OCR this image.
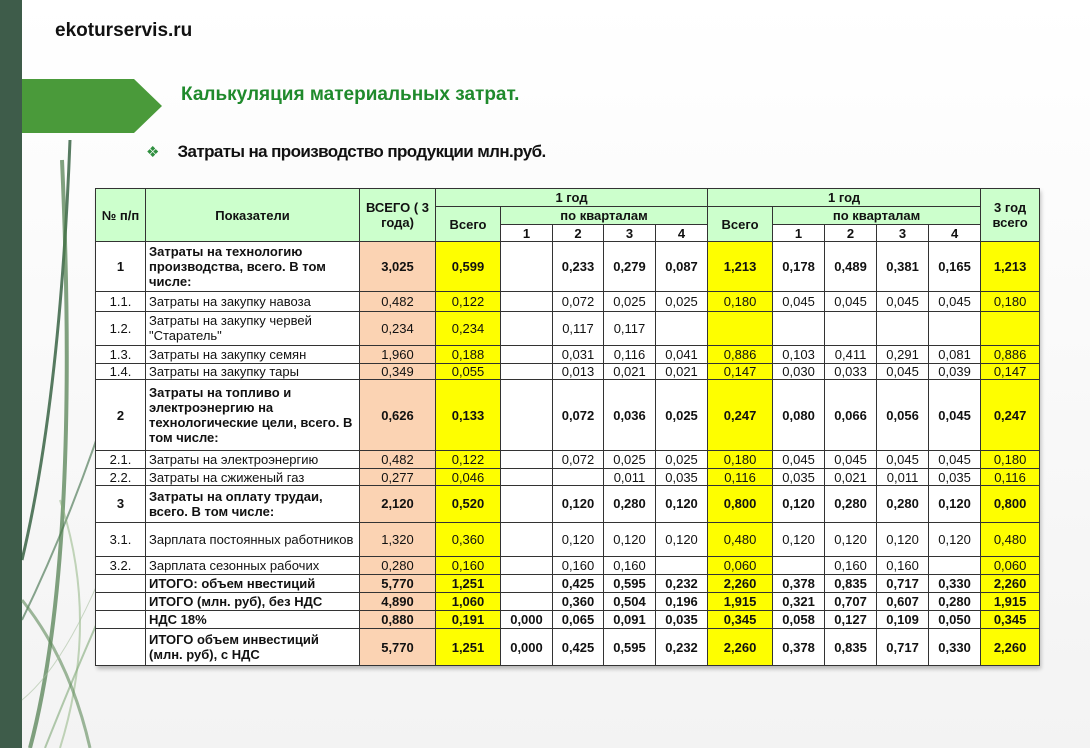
ekoturservis.ru
Калькуляция материальных затрат.
❖ Затраты на производство продукции млн.руб.
№ п/п	Показатели	ВСЕГО ( 3 года)	1 год					1 год					3 год всего
			Всего	по кварталам				Всего	по кварталам				
				1	2	3	4		1	2	3	4	
1	Затраты на технологию производства, всего. В том числе:	3,025	0,599		0,233	0,279	0,087	1,213	0,178	0,489	0,381	0,165	1,213
1.1.	Затраты на закупку навоза	0,482	0,122		0,072	0,025	0,025	0,180	0,045	0,045	0,045	0,045	0,180
1.2.	Затраты на закупку червей "Старатель"	0,234	0,234		0,117	0,117							
1.3.	Затраты на закупку семян	1,960	0,188		0,031	0,116	0,041	0,886	0,103	0,411	0,291	0,081	0,886
1.4.	Затраты на закупку тары	0,349	0,055		0,013	0,021	0,021	0,147	0,030	0,033	0,045	0,039	0,147
2	Затраты на топливо и электроэнергию на технологические цели, всего. В том числе:	0,626	0,133		0,072	0,036	0,025	0,247	0,080	0,066	0,056	0,045	0,247
2.1.	Затраты на электроэнергию	0,482	0,122		0,072	0,025	0,025	0,180	0,045	0,045	0,045	0,045	0,180
2.2.	Затраты на сжиженый газ	0,277	0,046			0,011	0,035	0,116	0,035	0,021	0,011	0,035	0,116
3	Затраты на оплату трудаи, всего. В том числе:	2,120	0,520		0,120	0,280	0,120	0,800	0,120	0,280	0,280	0,120	0,800
3.1.	Зарплата постоянных работников	1,320	0,360		0,120	0,120	0,120	0,480	0,120	0,120	0,120	0,120	0,480
3.2.	Зарплата сезонных рабочих	0,280	0,160		0,160	0,160		0,060		0,160	0,160		0,060
	ИТОГО: объем нвестиций	5,770	1,251		0,425	0,595	0,232	2,260	0,378	0,835	0,717	0,330	2,260
	ИТОГО (млн. руб), без НДС	4,890	1,060		0,360	0,504	0,196	1,915	0,321	0,707	0,607	0,280	1,915
	НДС 18%	0,880	0,191	0,000	0,065	0,091	0,035	0,345	0,058	0,127	0,109	0,050	0,345
	ИТОГО объем инвестиций (млн. руб), с НДС	5,770	1,251	0,000	0,425	0,595	0,232	2,260	0,378	0,835	0,717	0,330	2,260
